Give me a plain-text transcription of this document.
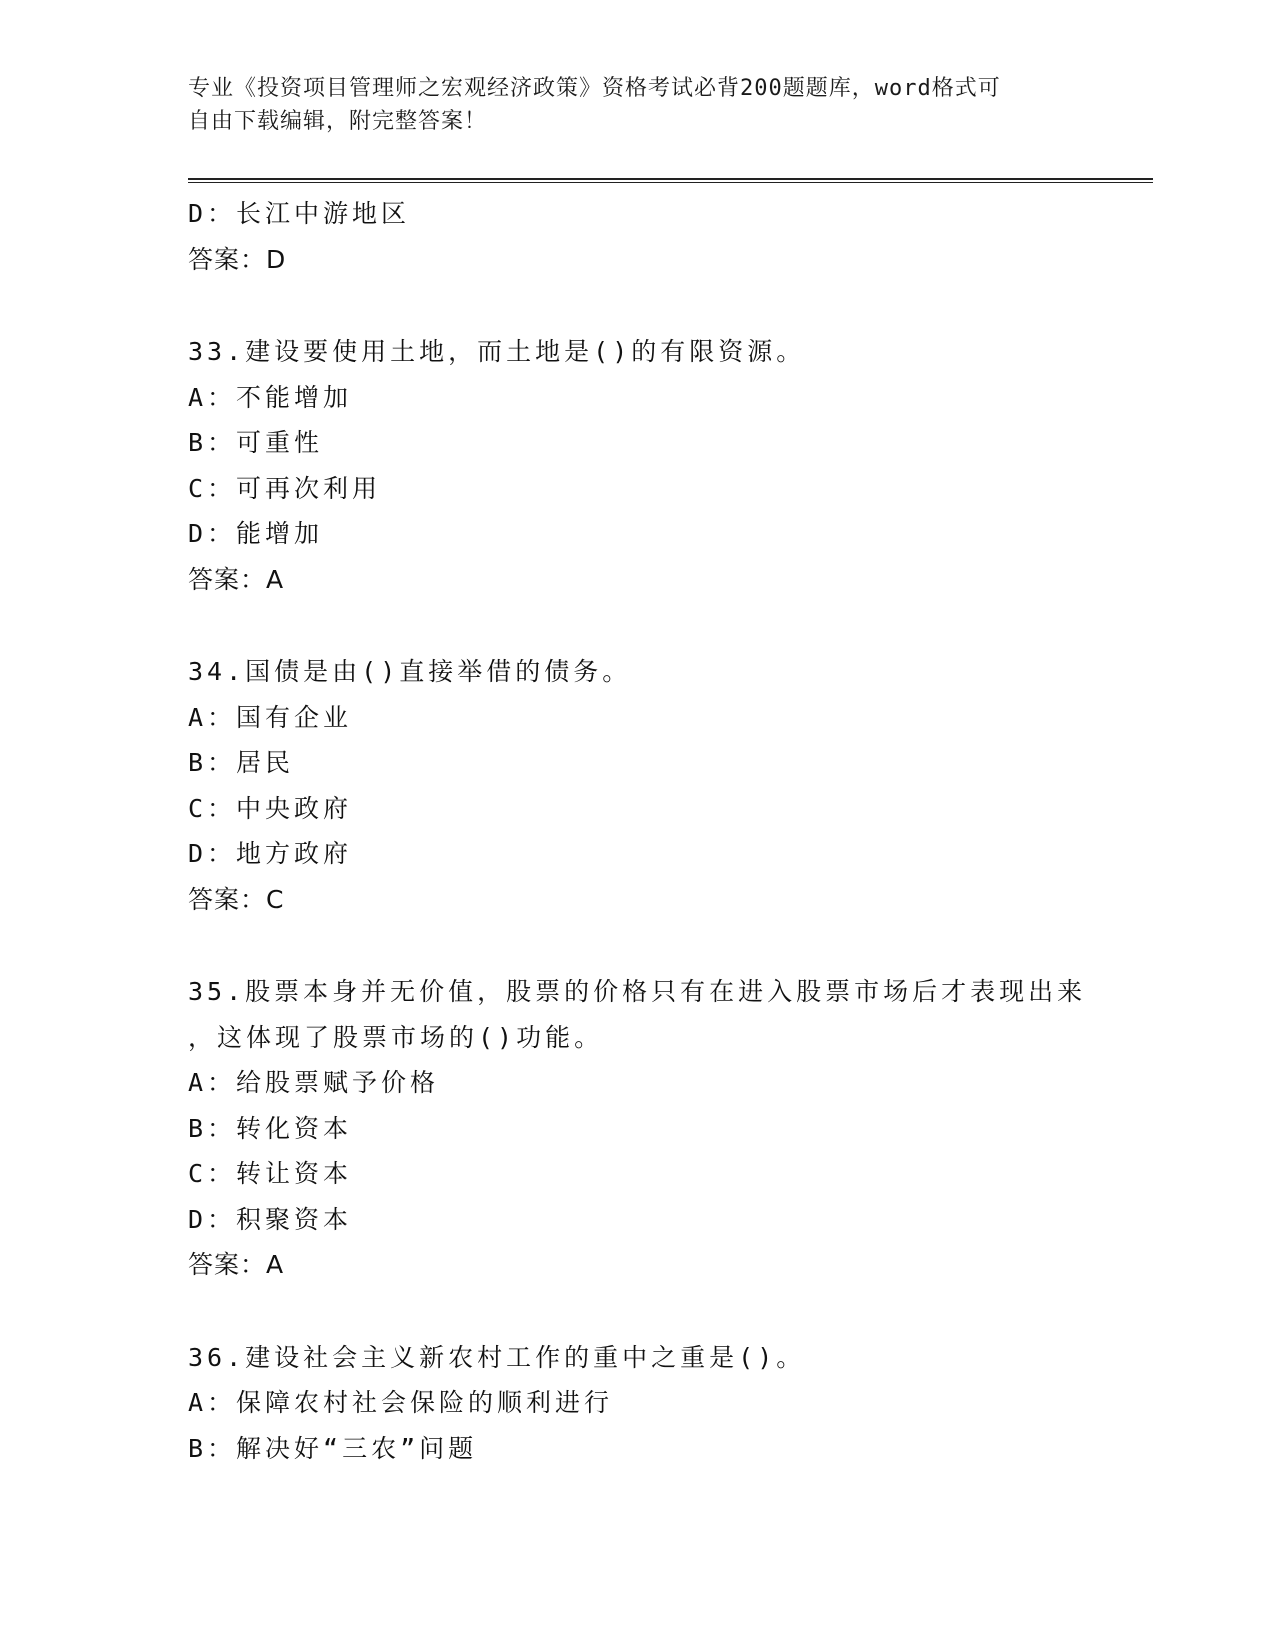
专业《投资项目管理师之宏观经济政策》资格考试必背200题题库，word格式可
自由下载编辑，附完整答案！
D：长江中游地区
答案：D
33.建设要使用土地，而土地是()的有限资源。
A：不能增加
B：可重性
C：可再次利用
D：能增加
答案：A
34.国债是由()直接举借的债务。
A：国有企业
B：居民
C：中央政府
D：地方政府
答案：C
35.股票本身并无价值，股票的价格只有在进入股票市场后才表现出来
，这体现了股票市场的()功能。
A：给股票赋予价格
B：转化资本
C：转让资本
D：积聚资本
答案：A
36.建设社会主义新农村工作的重中之重是()。
A：保障农村社会保险的顺利进行
B：解决好“三农”问题
